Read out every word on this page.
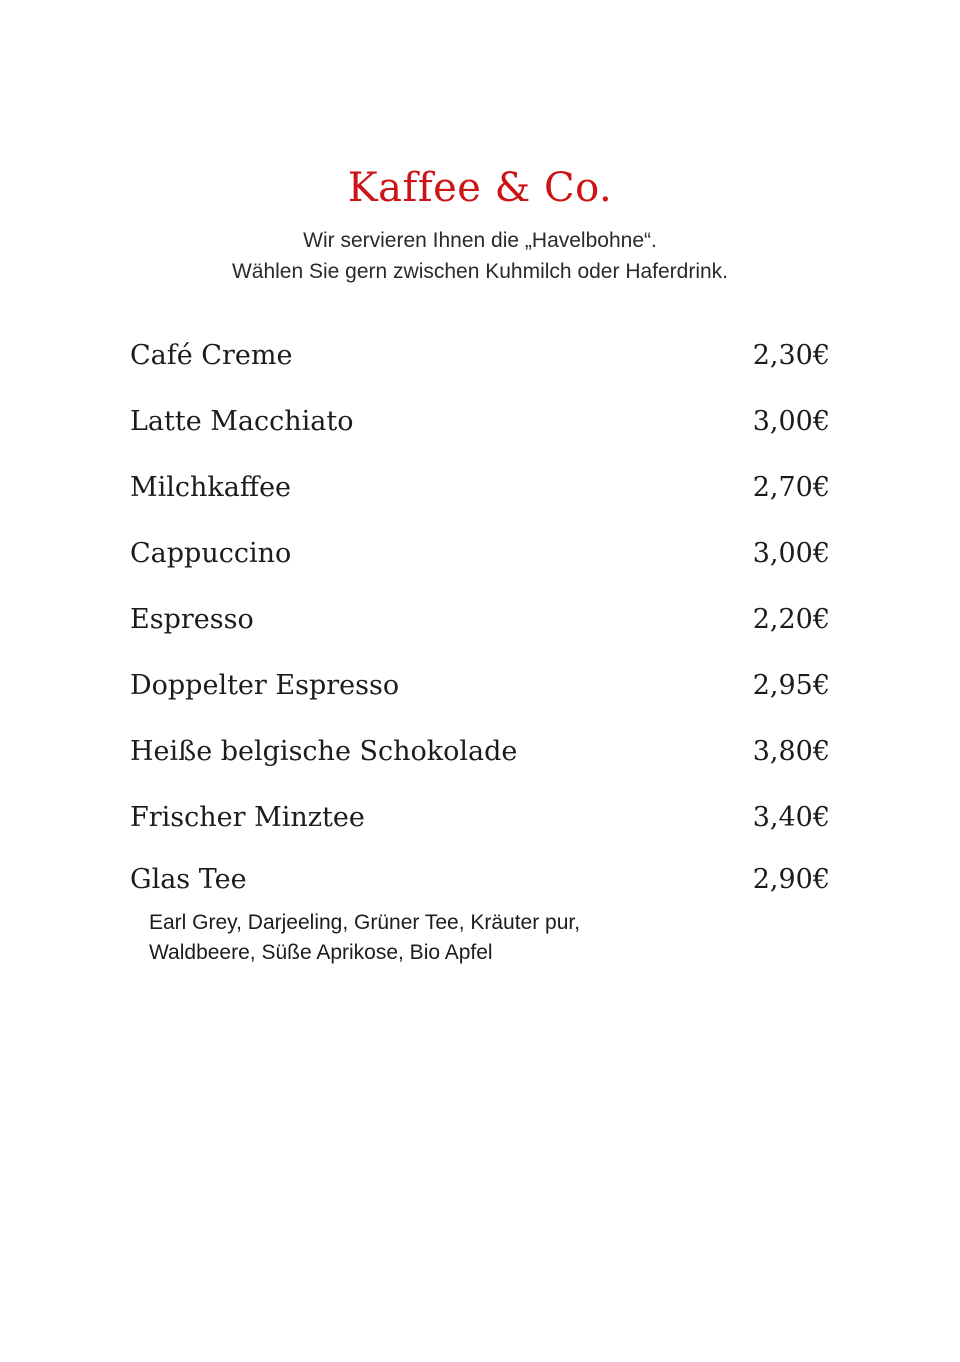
Kaffee & Co.

Wir servieren Ihnen die „Havelbohne“.

Wählen Sie gern zwischen Kuhmilch oder Haferdrink.

Café Creme	2,30€
Latte Macchiato	3,00€
Milchkaffee	2,70€
Cappuccino	3,00€
Espresso	2,20€
Doppelter Espresso	2,95€
Heiße belgische Schokolade	3,80€
Frischer Minztee	3,40€
Glas Tee	2,90€
Earl Grey, Darjeeling, Grüner Tee, Kräuter pur,
Waldbeere, Süße Aprikose, Bio Apfel
